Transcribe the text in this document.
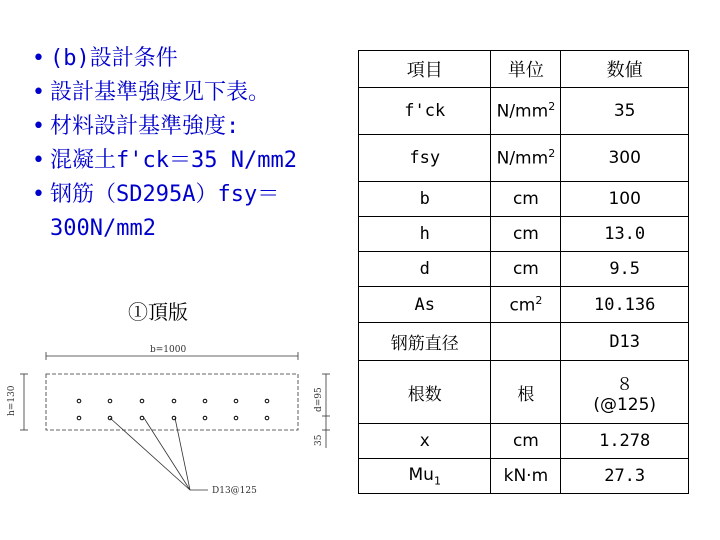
• (b)設計条件
• 設計基準強度见下表。
• 材料設計基準強度:
• 混凝土f'ck＝35 N/mm2
• 钢筋（SD295A）fsy＝300N/mm2
①頂版
b=1000
h=130	d=95
35
D13@125
項目	単位	数値
f'ck	$N/mm^2$	35
fsy	$N/mm^2$	300
b	cm	100
h	cm	13.0
d	cm	9.5
As	$cm^2$	10.136
钢筋直径		D13
根数	根	８
(@125)

x	cm	1.278
$Mu_1$	kN·m	27.3
